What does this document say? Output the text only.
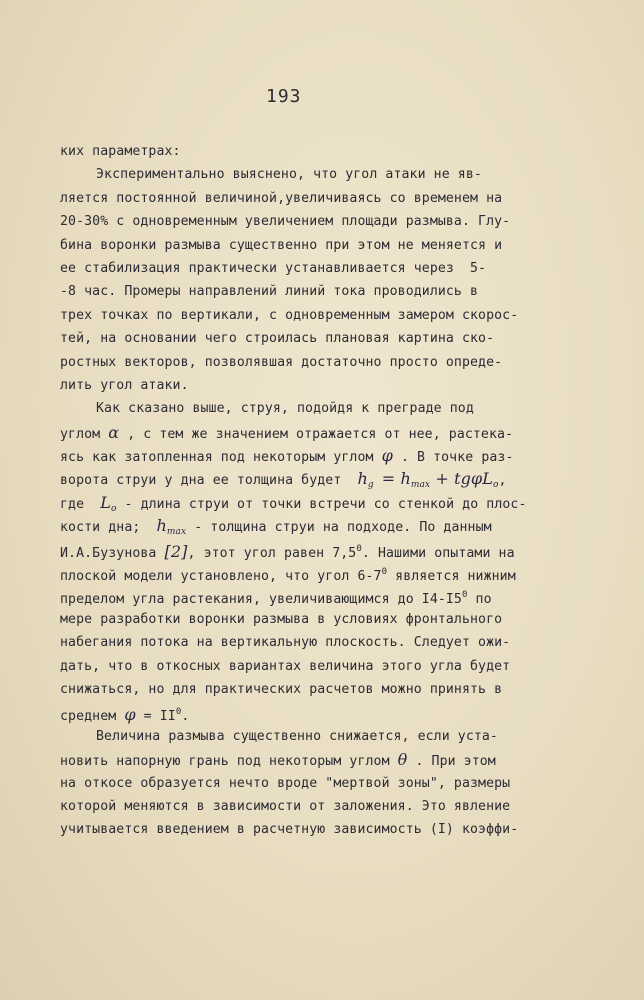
193
ких параметрах:
Экспериментально выяснено, что угол атаки не яв-
ляется постоянной величиной,увеличиваясь со временем на
20-30% с одновременным увеличением площади размыва. Глу-
бина воронки размыва существенно при этом не меняется и
ее стабилизация практически устанавливается через  5-
-8 час. Промеры направлений линий тока проводились в
трех точках по вертикали, с одновременным замером скорос-
тей, на основании чего строилась плановая картина ско-
ростных векторов, позволявшая достаточно просто опреде-
лить угол атаки.
Как сказано выше, струя, подойдя к преграде под
углом α , с тем же значением отражается от нее, растека-
ясь как затопленная под некоторым углом φ . В точке раз-
ворота струи у дна ее толщина будет  $h_g = h_{max} + tg\varphi L_o$,
где  $L_o$ - длина струи от точки встречи со стенкой до плос-
кости дна;  $h_{max}$ - толщина струи на подходе. По данным
И.А.Бузунова [2], этот угол равен $7,5^0$. Нашими опытами на
плоской модели установлено, что угол $6-7^0$ является нижним
пределом угла растекания, увеличивающимся до $I4-I5^0$ по
мере разработки воронки размыва в условиях фронтального
набегания потока на вертикальную плоскость. Следует ожи-
дать, что в откосных вариантах величина этого угла будет
снижаться, но для практических расчетов можно принять в
среднем $\varphi = II^0$.
Величина размыва существенно снижается, если уста-
новить напорную грань под некоторым углом θ . При этом
на откосе образуется нечто вроде "мертвой зоны", размеры
которой меняются в зависимости от заложения. Это явление
учитывается введением в расчетную зависимость (I) коэффи-
